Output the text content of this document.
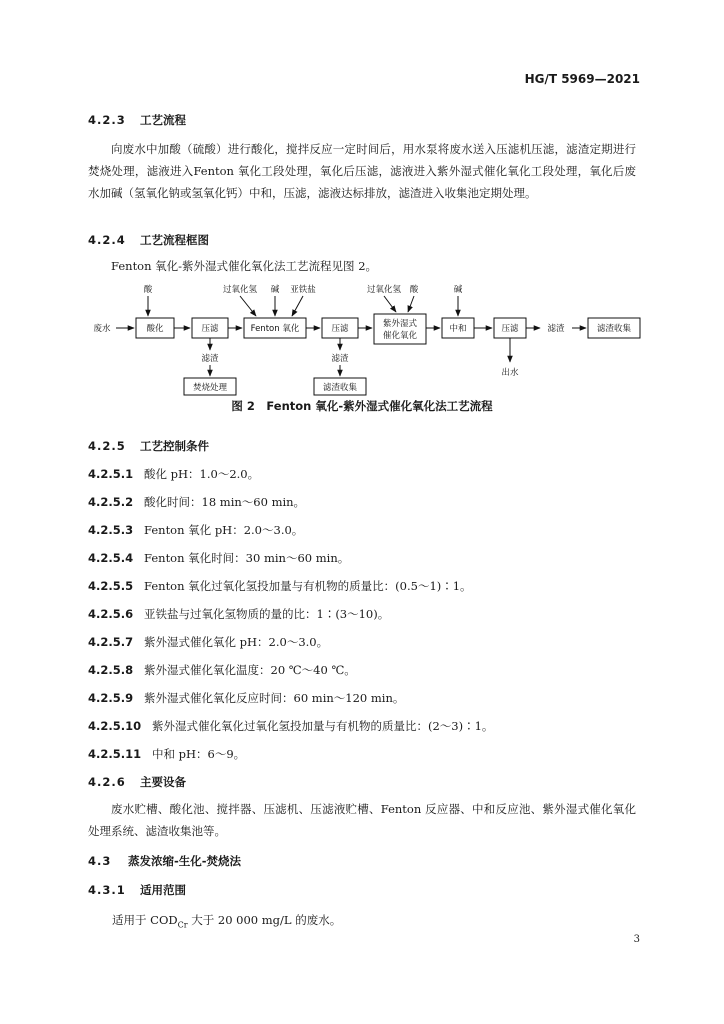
HG/T 5969—2021
4.2.3 工艺流程
向废水中加酸（硫酸）进行酸化，搅拌反应一定时间后，用水泵将废水送入压滤机压滤，滤渣定期进行焚烧处理，滤液进入Fenton 氧化工段处理，氧化后压滤，滤液进入紫外湿式催化氧化工段处理，氧化后废水加碱（氢氧化钠或氢氧化钙）中和，压滤，滤液达标排放，滤渣进入收集池定期处理。
4.2.4 工艺流程框图
Fenton 氧化-紫外湿式催化氧化法工艺流程见图 2。
酸	过氧化氢 碱 亚铁盐	过氧化氢 酸	碱
废水	酸化	压滤	Fenton 氧化	压滤	紫外湿式
催化氧化
中和	压滤	滤渣	滤渣收集
滤渣
焚烧处理
滤渣
滤渣收集
出水
图 2　Fenton 氧化-紫外湿式催化氧化法工艺流程
4.2.5 工艺控制条件
4.2.5.1 酸化 pH：1.0～2.0。
4.2.5.2 酸化时间：18 min～60 min。
4.2.5.3 Fenton 氧化 pH：2.0～3.0。
4.2.5.4 Fenton 氧化时间：30 min～60 min。
4.2.5.5 Fenton 氧化过氧化氢投加量与有机物的质量比：(0.5～1)∶1。
4.2.5.6 亚铁盐与过氧化氢物质的量的比：1∶(3～10)。
4.2.5.7 紫外湿式催化氧化 pH：2.0～3.0。
4.2.5.8 紫外湿式催化氧化温度：20 ℃～40 ℃。
4.2.5.9 紫外湿式催化氧化反应时间：60 min～120 min。
4.2.5.10 紫外湿式催化氧化过氧化氢投加量与有机物的质量比：(2～3)∶1。
4.2.5.11 中和 pH：6～9。
4.2.6 主要设备
废水贮槽、酸化池、搅拌器、压滤机、压滤液贮槽、Fenton 反应器、中和反应池、紫外湿式催化氧化处理系统、滤渣收集池等。
4.3 蒸发浓缩-生化-焚烧法
4.3.1 适用范围
适用于 $COD_{Cr}$ 大于 20 000 mg/L 的废水。
3
